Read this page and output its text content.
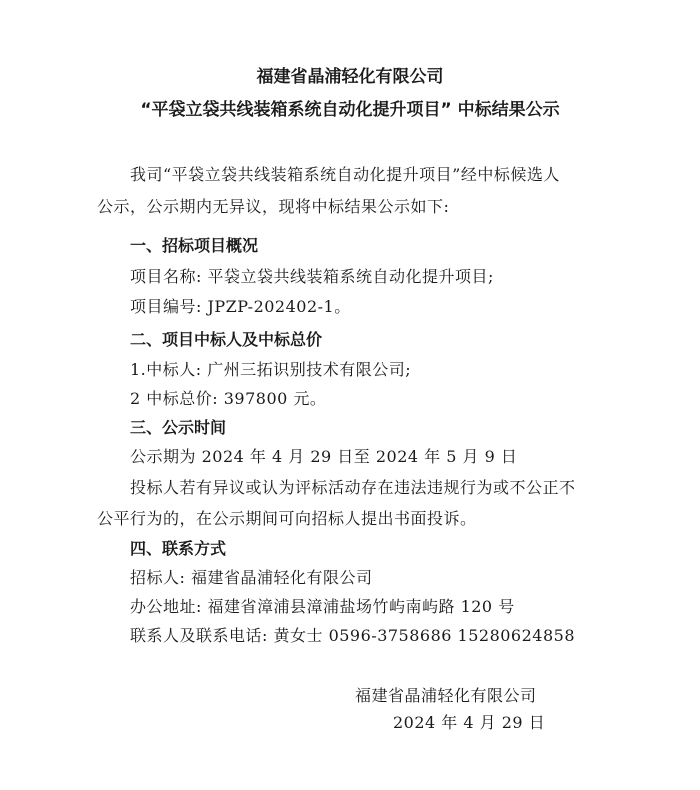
福建省晶浦轻化有限公司
“平袋立袋共线装箱系统自动化提升项目” 中标结果公示
我司“平袋立袋共线装箱系统自动化提升项目”经中标候选人
公示，公示期内无异议，现将中标结果公示如下:
一、招标项目概况
项目名称: 平袋立袋共线装箱系统自动化提升项目;
项目编号: JPZP-202402-1。
二、项目中标人及中标总价
1.中标人: 广州三拓识别技术有限公司;
2 中标总价: 397800 元。
三、公示时间
公示期为 2024 年 4 月 29 日至 2024 年 5 月 9 日
投标人若有异议或认为评标活动存在违法违规行为或不公正不
公平行为的，在公示期间可向招标人提出书面投诉。
四、联系方式
招标人: 福建省晶浦轻化有限公司
办公地址: 福建省漳浦县漳浦盐场竹屿南屿路 120 号
联系人及联系电话: 黄女士 0596-3758686 15280624858
福建省晶浦轻化有限公司
2024 年 4 月 29 日
